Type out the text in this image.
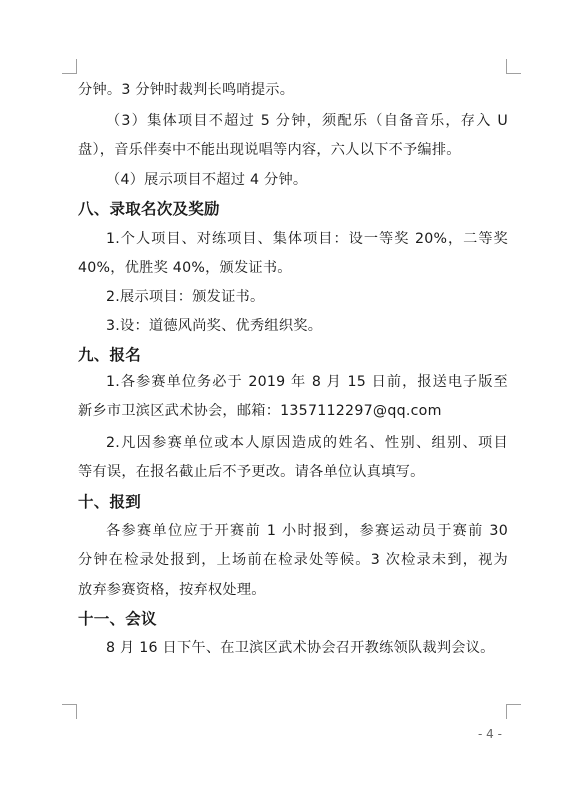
分钟。3 分钟时裁判长鸣哨提示。
（3）集体项目不超过 5 分钟，须配乐（自备音乐，存入 U
盘），音乐伴奏中不能出现说唱等内容，六人以下不予编排。
（4）展示项目不超过 4 分钟。
八、录取名次及奖励
1.个人项目、对练项目、集体项目：设一等奖 20%，二等奖
40%，优胜奖 40%，颁发证书。
2.展示项目：颁发证书。
3.设：道德风尚奖、优秀组织奖。
九、报名
1.各参赛单位务必于 2019 年 8 月 15 日前，报送电子版至
新乡市卫滨区武术协会，邮箱：1357112297@qq.com
2.凡因参赛单位或本人原因造成的姓名、性别、组别、项目
等有误，在报名截止后不予更改。请各单位认真填写。
十、报到
各参赛单位应于开赛前 1 小时报到，参赛运动员于赛前 30
分钟在检录处报到，上场前在检录处等候。3 次检录未到，视为
放弃参赛资格，按弃权处理。
十一、会议
8 月 16 日下午、在卫滨区武术协会召开教练领队裁判会议。
- 4 -
